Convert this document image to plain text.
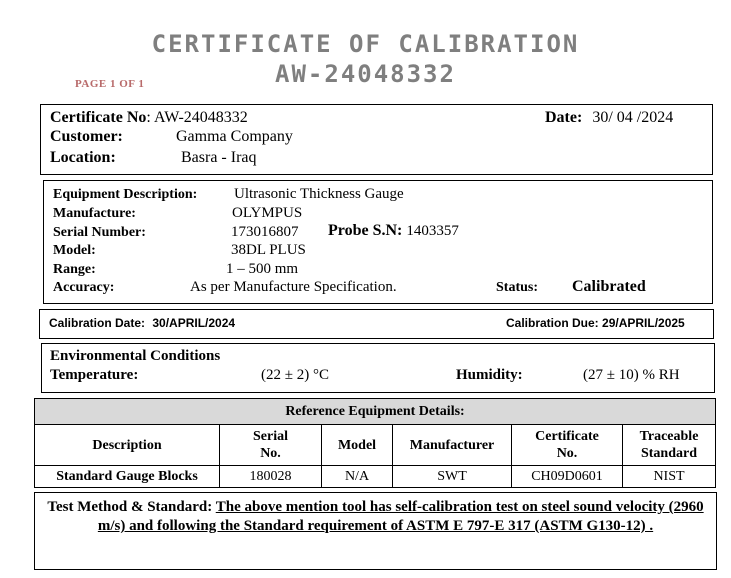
CERTIFICATE OF CALIBRATION
AW-24048332
PAGE 1 OF 1
Certificate No: AW-24048332	Date: 30/ 04 /2024
Customer:	Gamma Company
Location:	Basra - Iraq
Equipment Description: Ultrasonic Thickness Gauge
Manufacture:	OLYMPUS
Serial Number:	173016807 Probe S.N: 1403357
Model:	38DL PLUS
Range:	1 – 500 mm
Accuracy:	As per Manufacture Specification.	Status: Calibrated
Calibration Date: 30/APRIL/2024	Calibration Due: 29/APRIL/2025
Environmental Conditions
Temperature:	(22 ± 2) °C	Humidity:	(27 ± 10) % RH
Reference Equipment Details:					
Description	Serial No.	Model	Manufacturer	Certificate No.	Traceable Standard
Standard Gauge Blocks	180028	N/A	SWT	CH09D0601	NIST
Test Method & Standard: The above mention tool has self-calibration test on steel sound velocity (2960 m/s) and following the Standard requirement of ASTM E 797-E 317 (ASTM G130-12) .
